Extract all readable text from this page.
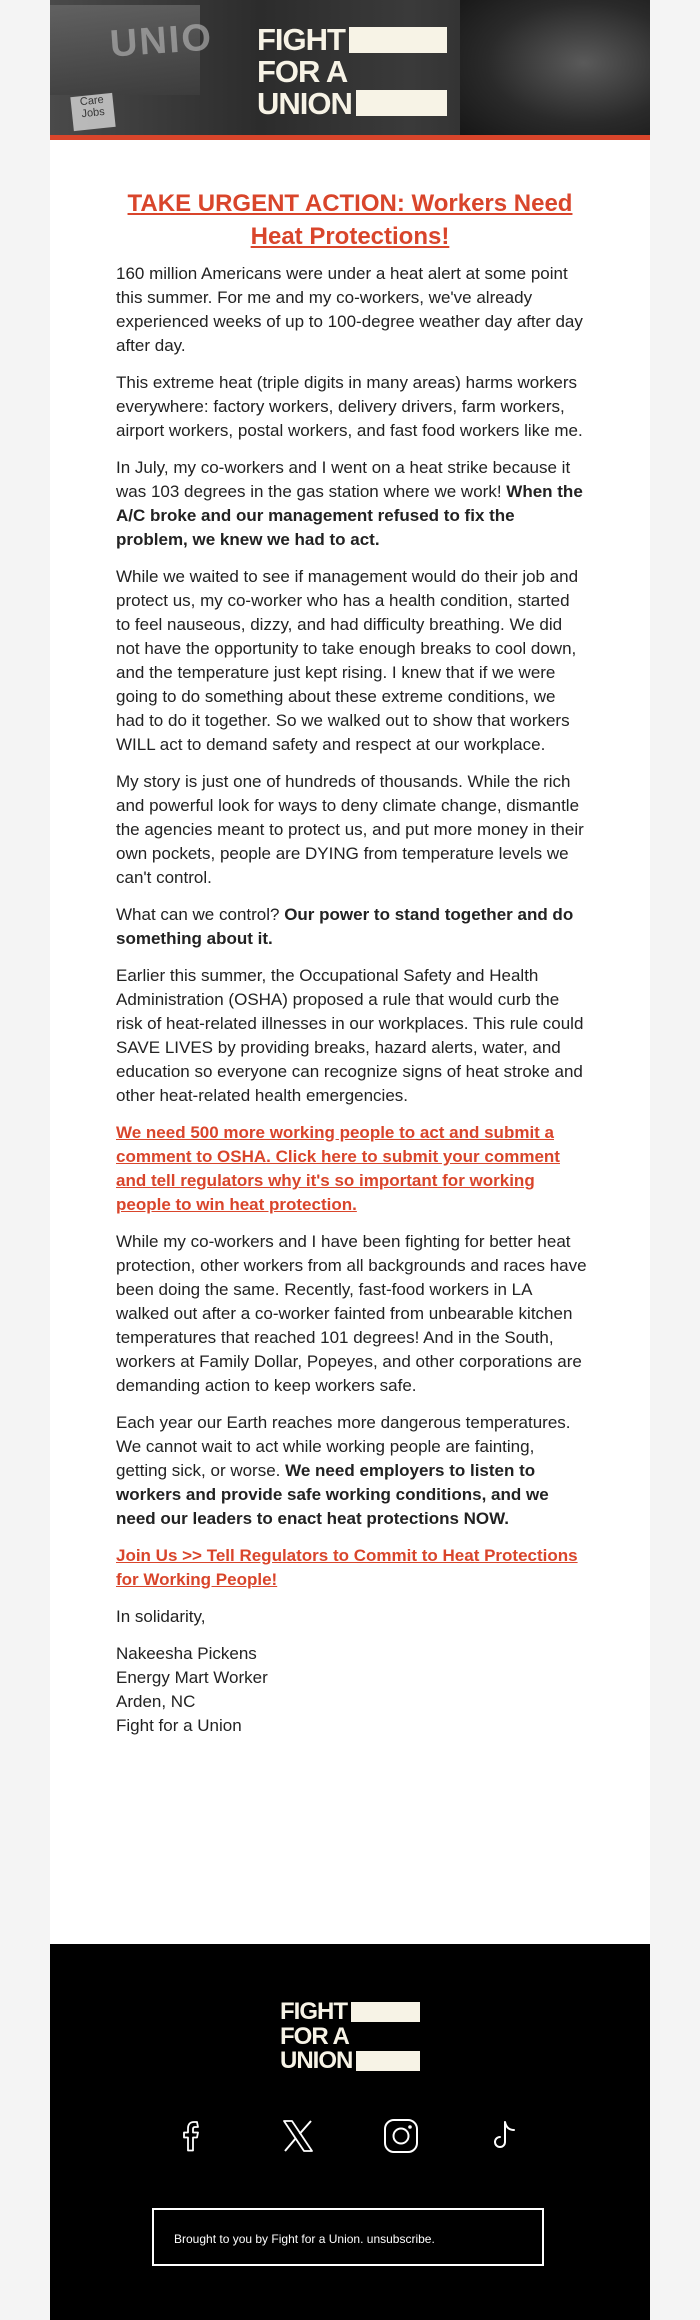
UNIO
Care
Jobs
FIGHT
FOR A
UNION
TAKE URGENT ACTION: Workers Need Heat Protections!

160 million Americans were under a heat alert at some point this summer. For me and my co-workers, we've already experienced weeks of up to 100-degree weather day after day after day.

This extreme heat (triple digits in many areas) harms workers everywhere: factory workers, delivery drivers, farm workers, airport workers, postal workers, and fast food workers like me.

In July, my co-workers and I went on a heat strike because it was 103 degrees in the gas station where we work! When the A/C broke and our management refused to fix the problem, we knew we had to act.

While we waited to see if management would do their job and protect us, my co-worker who has a health condition, started to feel nauseous, dizzy, and had difficulty breathing. We did not have the opportunity to take enough breaks to cool down, and the temperature just kept rising. I knew that if we were going to do something about these extreme conditions, we had to do it together. So we walked out to show that workers WILL act to demand safety and respect at our workplace.

My story is just one of hundreds of thousands. While the rich and powerful look for ways to deny climate change, dismantle the agencies meant to protect us, and put more money in their own pockets, people are DYING from temperature levels we can't control.

What can we control? Our power to stand together and do something about it.

Earlier this summer, the Occupational Safety and Health Administration (OSHA) proposed a rule that would curb the risk of heat-related illnesses in our workplaces. This rule could SAVE LIVES by providing breaks, hazard alerts, water, and education so everyone can recognize signs of heat stroke and other heat-related health emergencies.

We need 500 more working people to act and submit a comment to OSHA. Click here to submit your comment and tell regulators why it's so important for working people to win heat protection.

While my co-workers and I have been fighting for better heat protection, other workers from all backgrounds and races have been doing the same. Recently, fast-food workers in LA walked out after a co-worker fainted from unbearable kitchen temperatures that reached 101 degrees! And in the South, workers at Family Dollar, Popeyes, and other corporations are demanding action to keep workers safe.

Each year our Earth reaches more dangerous temperatures. We cannot wait to act while working people are fainting, getting sick, or worse. We need employers to listen to workers and provide safe working conditions, and we need our leaders to enact heat protections NOW.

Join Us >> Tell Regulators to Commit to Heat Protections for Working People!

In solidarity,

Nakeesha Pickens
Energy Mart Worker
Arden, NC
Fight for a Union

FIGHT
FOR A
UNION
Brought to you by Fight for a Union. unsubscribe.
